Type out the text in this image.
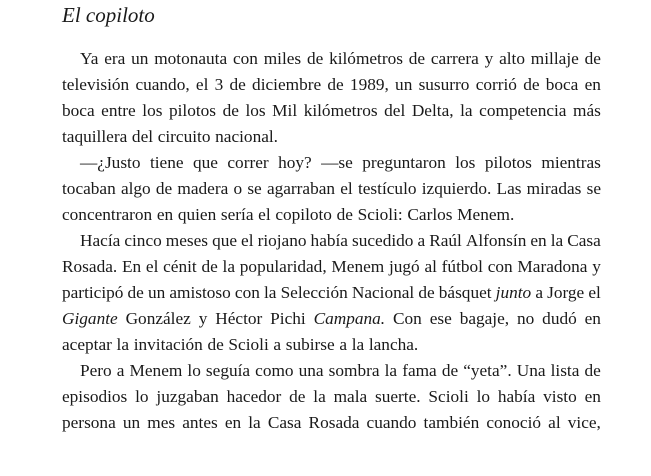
El copiloto
Ya era un motonauta con miles de kilómetros de carrera y alto millaje de
televisión cuando, el 3 de diciembre de 1989, un susurro corrió de boca en
boca entre los pilotos de los Mil kilómetros del Delta, la competencia más
taquillera del circuito nacional.
—¿Justo tiene que correr hoy? —se preguntaron los pilotos mientras
tocaban algo de madera o se agarraban el testículo izquierdo. Las miradas se
concentraron en quien sería el copiloto de Scioli: Carlos Menem.
Hacía cinco meses que el riojano había sucedido a Raúl Alfonsín en la Casa
Rosada. En el cénit de la popularidad, Menem jugó al fútbol con Maradona y
participó de un amistoso con la Selección Nacional de básquet junto a Jorge el
Gigante González y Héctor Pichi Campana. Con ese bagaje, no dudó en
aceptar la invitación de Scioli a subirse a la lancha.
Pero a Menem lo seguía como una sombra la fama de “yeta”. Una lista de
episodios lo juzgaban hacedor de la mala suerte. Scioli lo había visto en
persona un mes antes en la Casa Rosada cuando también conoció al vice,
